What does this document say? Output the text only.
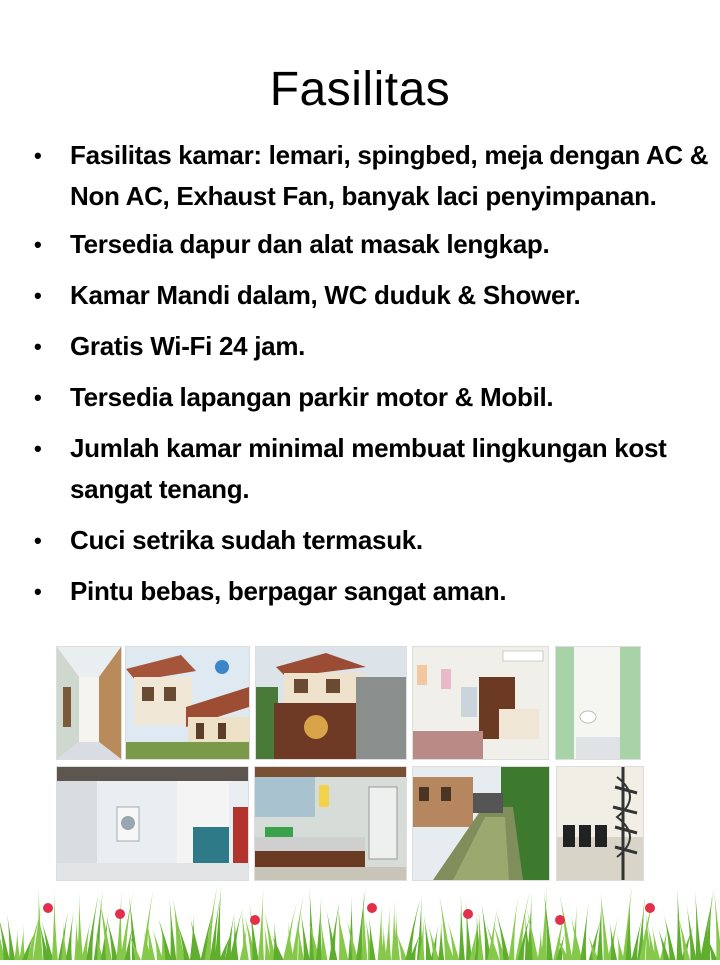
Fasilitas
• Fasilitas kamar: lemari, spingbed, meja dengan AC & Non AC, Exhaust Fan, banyak laci penyimpanan.
• Tersedia dapur dan alat masak lengkap.
• Kamar Mandi dalam, WC duduk & Shower.
• Gratis Wi-Fi 24 jam.
• Tersedia lapangan parkir motor & Mobil.
• Jumlah kamar minimal membuat lingkungan kost sangat tenang.
• Cuci setrika sudah termasuk.
• Pintu bebas, berpagar sangat aman.
